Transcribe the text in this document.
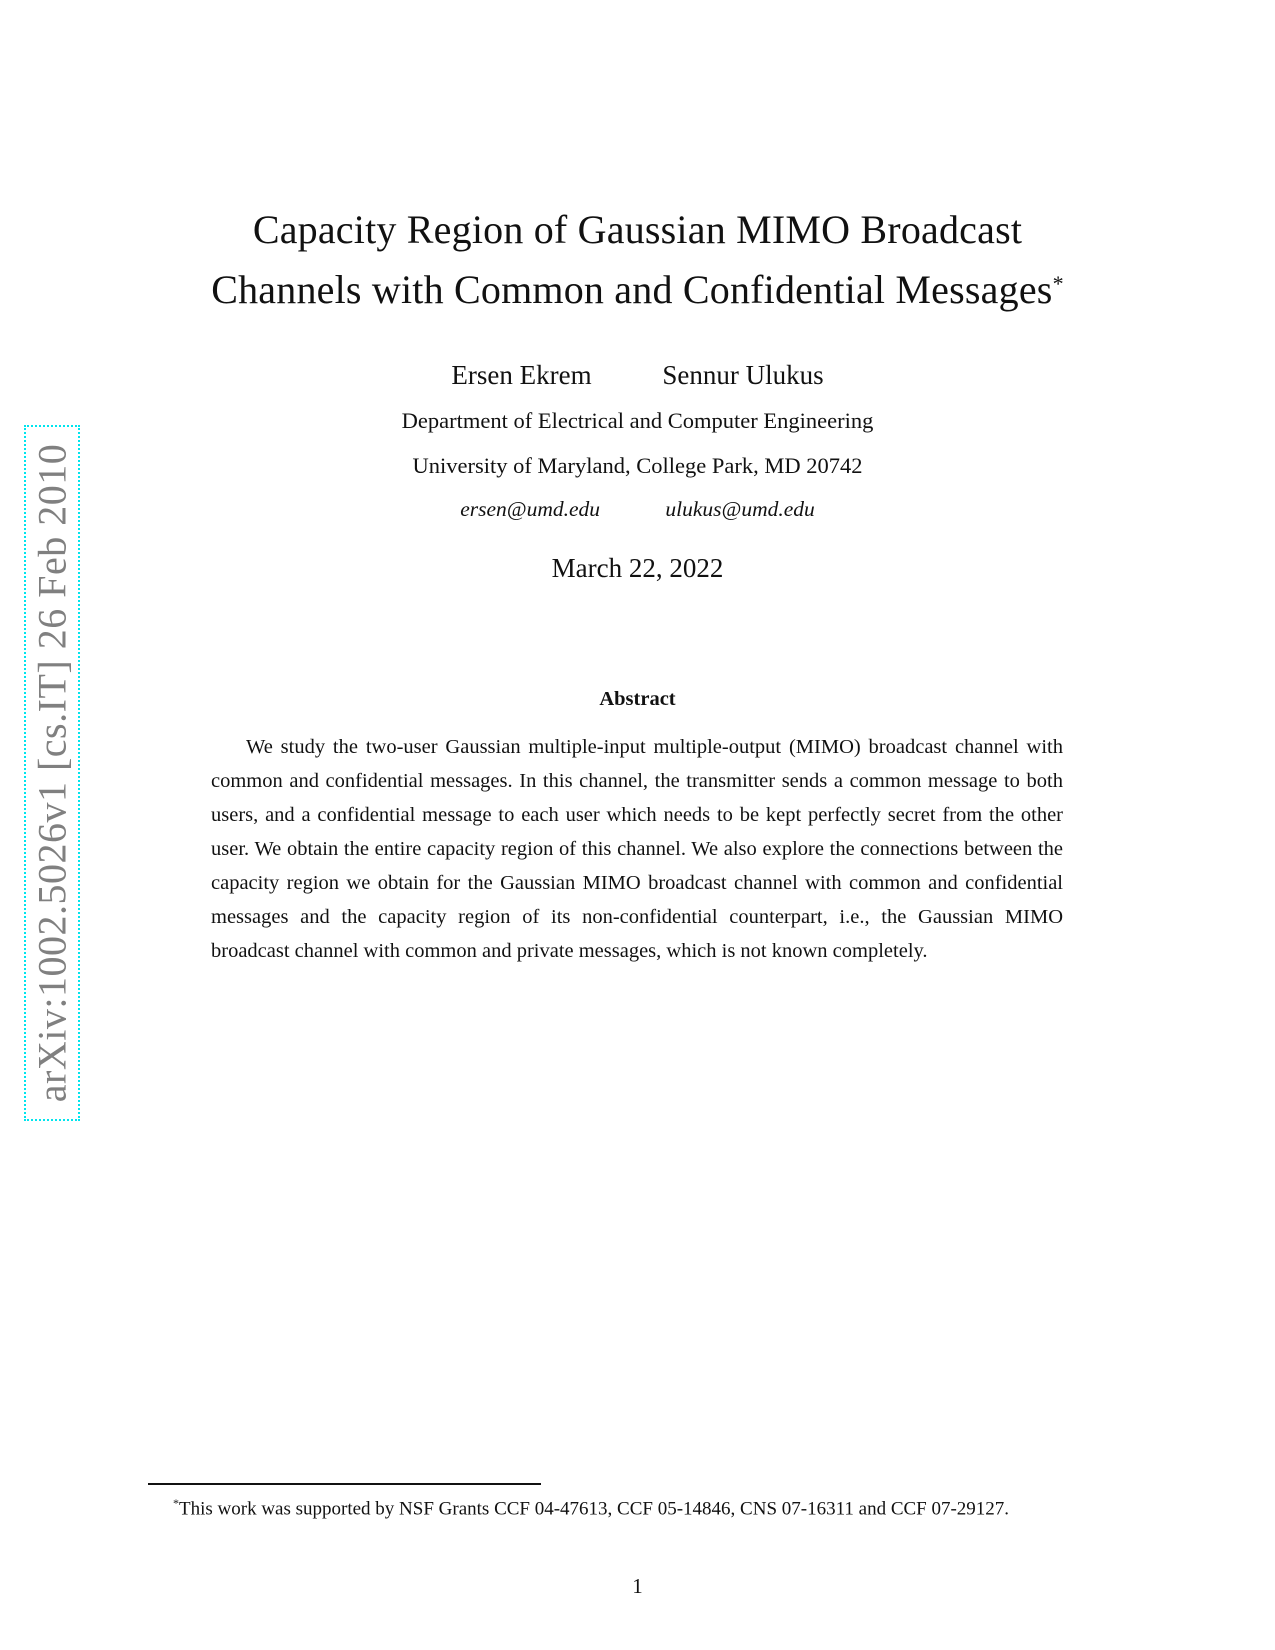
arXiv:1002.5026v1 [cs.IT] 26 Feb 2010
Capacity Region of Gaussian MIMO Broadcast
Channels with Common and Confidential Messages*
Ersen Ekrem	Sennur Ulukus
Department of Electrical and Computer Engineering
University of Maryland, College Park, MD 20742
ersen@umd.edu	ulukus@umd.edu
March 22, 2022
Abstract
We study the two-user Gaussian multiple-input multiple-output (MIMO) broadcast channel with common and confidential messages. In this channel, the transmitter sends a common message to both users, and a confidential message to each user which needs to be kept perfectly secret from the other user. We obtain the entire capacity region of this channel. We also explore the connections between the capacity region we obtain for the Gaussian MIMO broadcast channel with common and confidential messages and the capacity region of its non-confidential counterpart, i.e., the Gaussian MIMO broadcast channel with common and private messages, which is not known completely.
*This work was supported by NSF Grants CCF 04-47613, CCF 05-14846, CNS 07-16311 and CCF 07-29127.
1
